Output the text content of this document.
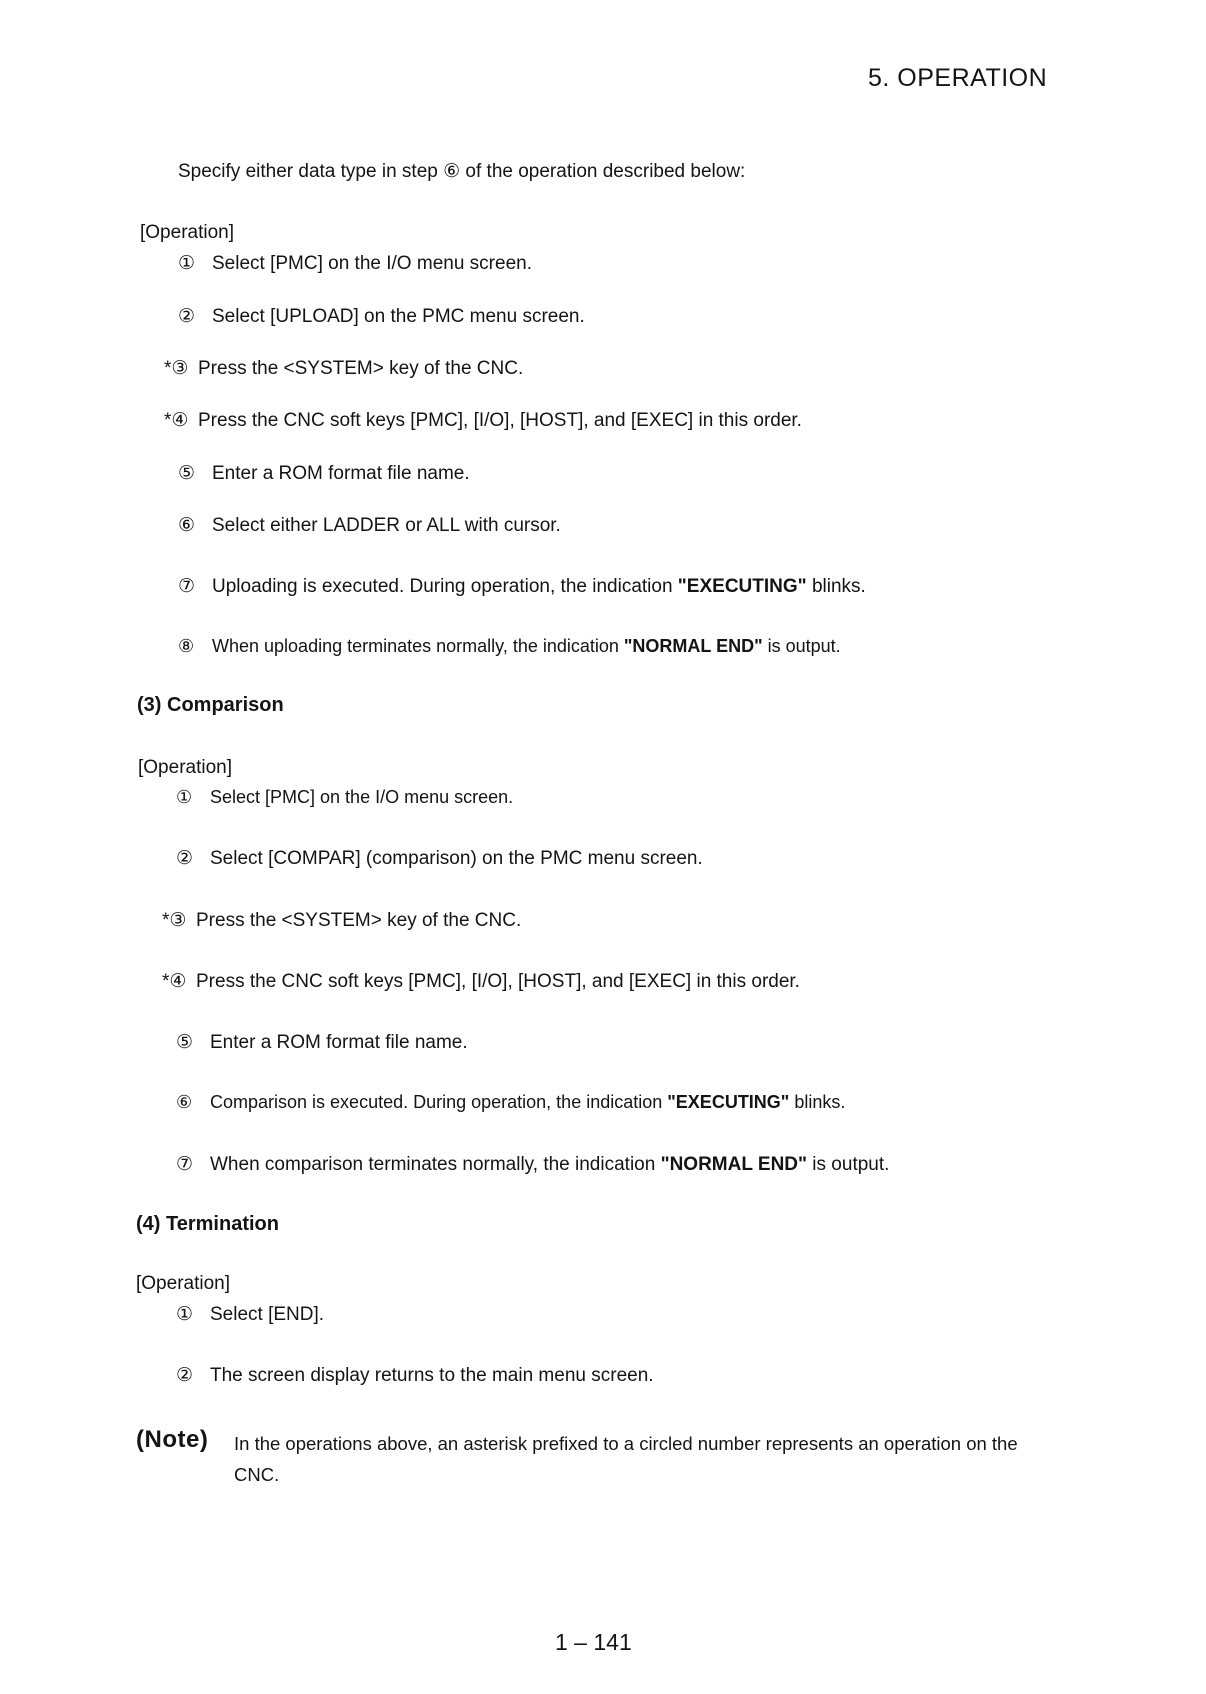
5. OPERATION
Specify either data type in step ⑥ of the operation described below:
[Operation]
① Select [PMC] on the I/O menu screen.
② Select [UPLOAD] on the PMC menu screen.
*③ Press the <SYSTEM> key of the CNC.
*④ Press the CNC soft keys [PMC], [I/O], [HOST], and [EXEC] in this order.
⑤ Enter a ROM format file name.
⑥ Select either LADDER or ALL with cursor.
⑦ Uploading is executed. During operation, the indication "EXECUTING" blinks.
⑧ When uploading terminates normally, the indication "NORMAL END" is output.
(3) Comparison
[Operation]
① Select [PMC] on the I/O menu screen.
② Select [COMPAR] (comparison) on the PMC menu screen.
*③ Press the <SYSTEM> key of the CNC.
*④ Press the CNC soft keys [PMC], [I/O], [HOST], and [EXEC] in this order.
⑤ Enter a ROM format file name.
⑥ Comparison is executed. During operation, the indication "EXECUTING" blinks.
⑦ When comparison terminates normally, the indication "NORMAL END" is output.
(4) Termination
[Operation]
① Select [END].
② The screen display returns to the main menu screen.
(Note) In the operations above, an asterisk prefixed to a circled number represents an operation on the CNC.
1 – 141
